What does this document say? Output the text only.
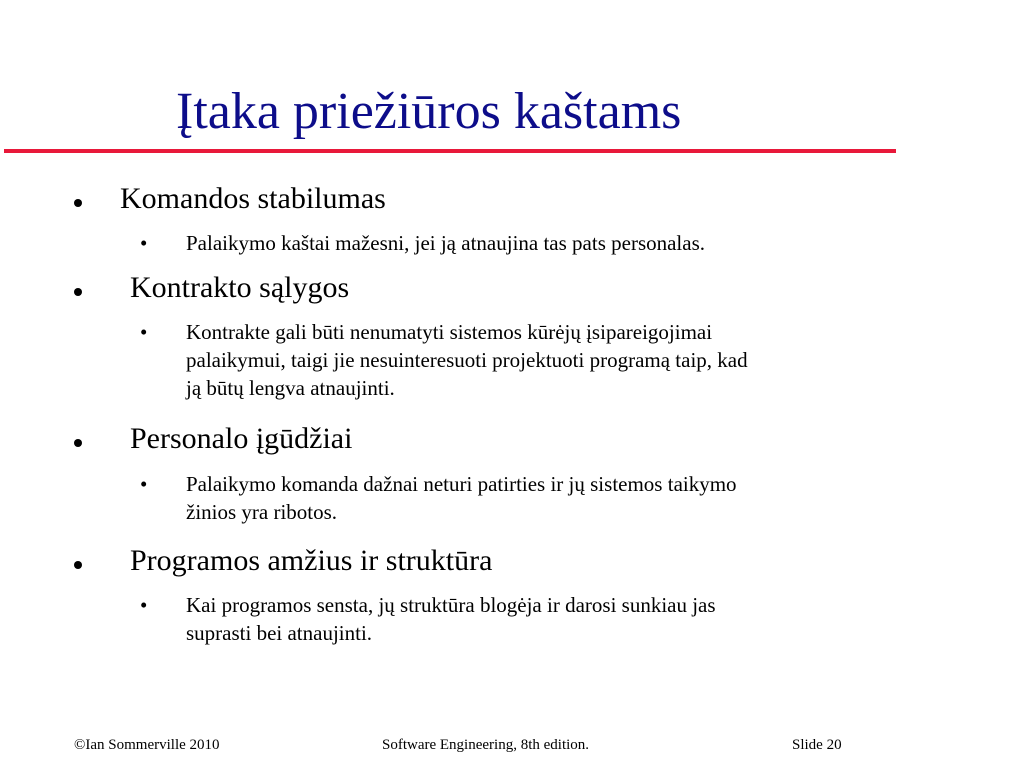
Įtaka priežiūros kaštams
Komandos stabilumas
•	Palaikymo kaštai mažesni, jei ją atnaujina tas pats personalas.
Kontrakto sąlygos
•	Kontrakte gali būti nenumatyti sistemos kūrėjų įsipareigojimai
palaikymui, taigi jie nesuinteresuoti projektuoti programą taip, kad
ją būtų lengva atnaujinti.
Personalo įgūdžiai
•	Palaikymo komanda dažnai neturi patirties ir jų sistemos taikymo
žinios yra ribotos.
Programos amžius ir struktūra
•	Kai programos sensta, jų struktūra blogėja ir darosi sunkiau jas
suprasti bei atnaujinti.
©Ian Sommerville 2010	Software Engineering, 8th edition.	Slide 20
